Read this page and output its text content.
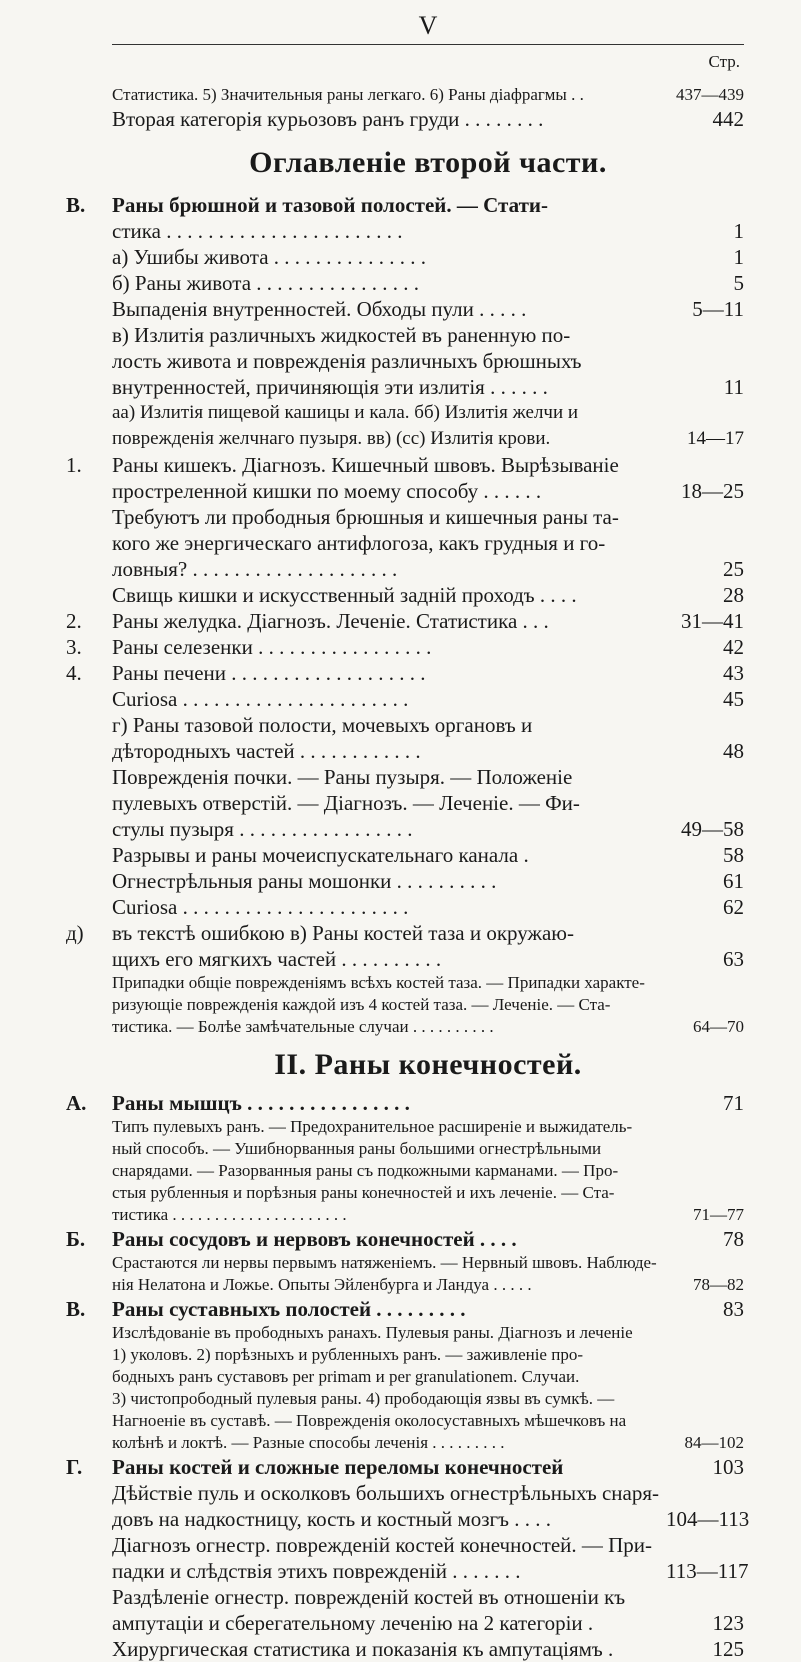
V
Стр.
Статистика. 5) Значительныя раны легкаго. 6) Раны діафрагмы . .	437—439
Вторая категорія курьозовъ ранъ груди . . . . . . . .	442
Оглавленіе второй части.
В.	Раны брюшной и тазовой полостей. — Стати-
стика . . . . . . . . . . . . . . . . . . . . . . .	1
а) Ушибы живота . . . . . . . . . . . . . . .	1
б) Раны живота . . . . . . . . . . . . . . . .	5
Выпаденія внутренностей. Обходы пули . . . . .	5—11
в) Излитія различныхъ жидкостей въ раненную по-
лость живота и поврежденія различныхъ брюшныхъ
внутренностей, причиняющія эти излитія . . . . . .	11
аа) Излитія пищевой кашицы и кала. бб) Излитія желчи и
поврежденія желчнаго пузыря. вв) (сс) Излитія крови.	14—17
1.	Раны кишекъ. Діагнозъ. Кишечный швовъ. Вырѣзываніе
простреленной кишки по моему способу . . . . . .	18—25
Требуютъ ли прободныя брюшныя и кишечныя раны та-
кого же энергическаго антифлогоза, какъ грудныя и го-
ловныя? . . . . . . . . . . . . . . . . . . . .	25
Свищь кишки и искусственный задній проходъ . . . .	28
2.	Раны желудка. Діагнозъ. Леченіе. Статистика . . .	31—41
3.	Раны селезенки . . . . . . . . . . . . . . . . .	42
4.	Раны печени . . . . . . . . . . . . . . . . . . .	43
Curiosa . . . . . . . . . . . . . . . . . . . . . .	45
г) Раны тазовой полости, мочевыхъ органовъ и
дѣтородныхъ частей . . . . . . . . . . . .	48
Поврежденія почки. — Раны пузыря. — Положеніе
пулевыхъ отверстій. — Діагнозъ. — Леченіе. — Фи-
стулы пузыря . . . . . . . . . . . . . . . . .	49—58
Разрывы и раны мочеиспускательнаго канала .	58
Огнестрѣльныя раны мошонки . . . . . . . . . .	61
Curiosa . . . . . . . . . . . . . . . . . . . . . .	62
д)	въ текстѣ ошибкою в) Раны костей таза и окружаю-
щихъ его мягкихъ частей . . . . . . . . . .	63
Припадки общіе поврежденіямъ всѣхъ костей таза. — Припадки характе-
ризующіе поврежденія каждой изъ 4 костей таза. — Леченіе. — Ста-
тистика. — Болѣе замѣчательные случаи . . . . . . . . . .	64—70
II. Раны конечностей.
А.	Раны мышцъ . . . . . . . . . . . . . . . .	71
Типъ пулевыхъ ранъ. — Предохранительное расширеніе и выжидатель-
ный способъ. — Ушибнорванныя раны большими огнестрѣльными
снарядами. — Разорванныя раны съ подкожными карманами. — Про-
стыя рубленныя и порѣзныя раны конечностей и ихъ леченіе. — Ста-
тистика . . . . . . . . . . . . . . . . . . . . .	71—77
Б.	Раны сосудовъ и нервовъ конечностей . . . .	78
Срастаются ли нервы первымъ натяженіемъ. — Нервный швовъ. Наблюде-
нія Нелатона и Ложье. Опыты Эйленбурга и Ландуа . . . . .	78—82
В.	Раны суставныхъ полостей . . . . . . . . .	83
Изслѣдованіе въ прободныхъ ранахъ. Пулевыя раны. Діагнозъ и леченіе
1) уколовъ. 2) порѣзныхъ и рубленныхъ ранъ. — заживленіе про-
бодныхъ ранъ суставовъ per primam и per granulationem. Случаи.
3) чистопрободный пулевыя раны. 4) прободающія язвы въ сумкѣ. —
Нагноеніе въ суставѣ. — Поврежденія околосуставныхъ мѣшечковъ на
колѣнѣ и локтѣ. — Разные способы леченія . . . . . . . . .	84—102
Г.	Раны костей и сложные переломы конечностей	103
Дѣйствіе пуль и осколковъ большихъ огнестрѣльныхъ снаря-
довъ на надкостницу, кость и костный мозгъ . . . .	104—113
Діагнозъ огнестр. поврежденій костей конечностей. — При-
падки и слѣдствія этихъ поврежденій . . . . . . .	113—117
Раздѣленіе огнестр. поврежденій костей въ отношеніи къ
ампутаціи и сберегательному леченію на 2 категоріи .	123
Хирургическая статистика и показанія къ ампутаціямъ .	125
